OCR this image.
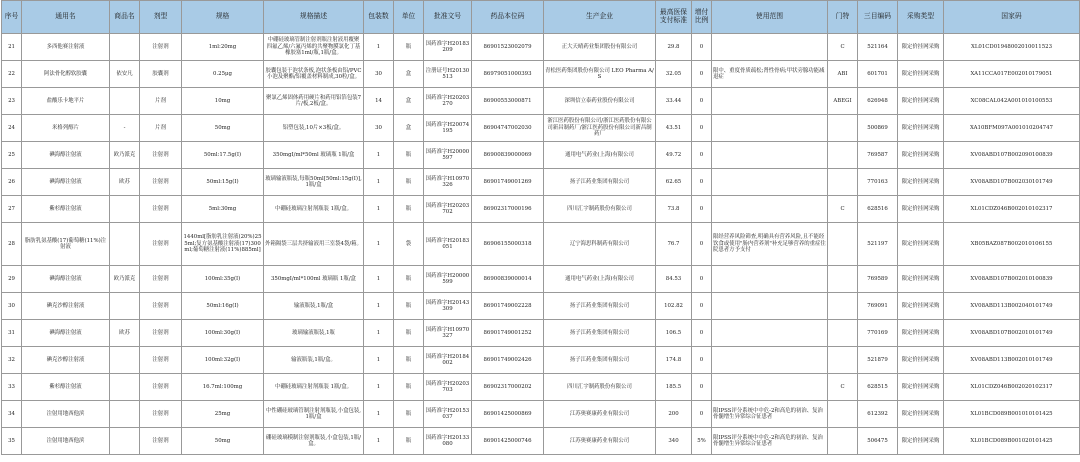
序号	通用名	商品名	剂型	规格	规格描述	包装数	单位	批准文号	药品本位码	生产企业	最高医保支付标准	增付比例	使用范围	门特	三目编码	采购类型	国家码
21	多西他赛注射液		注射剂	1ml:20mg	中硼硅玻璃管制注射剂瓶注射液用覆聚四氟乙烯/六氟丙烯的共聚物膜氯化丁基橡胶塞1ml/瓶,1瓶/盒。	1	瓶	国药准字H20183209	86901523002079	正大天晴药业集团股份有限公司	29.8	0		C	521164	限定价挂网采购	XL01CD01948002010011523
22	阿法骨化醇软胶囊	依安凡	胶囊剂	0.25μg	胶囊包装于泡状条板,泡状条板由铝/PVC小泡及聚酯/铝覆盖材料制成,30粒/盒。	30	盒	注册证号H20130513	86979051000393	青松医药集团股份有限公司 LEO Pharma A/S	32.05	0	限中、重度骨质疏松;肾性骨病;甲状旁腺功能减退症	ABI	601701	限定价挂网采购	XA11CCA017E002010179051
23	盐酸乐卡地平片		片剂	10mg	聚氯乙烯固体药用硬片和药用铝箔包装7片/板,2板/盒。	14	盒	国药准字H20203270	86900553000871	深圳信立泰药业股份有限公司	33.44	0		ABEGI	626948	限定价挂网采购	XC08CAL042A001010100553
24	米格列醇片	-	片剂	50mg	铝塑包装,10片×3板/盒。	30	盒	国药准字H20074195	86904747002030	浙江医药股份有限公司/浙江医药股份有限公司新昌制药厂/浙江医药股份有限公司新昌制药厂	43.51	0			500869	限定价挂网采购	XA10BFM097A001010204747
25	碘海醇注射液	欧乃派克	注射剂	50ml:17.5g(I)	350mgI/ml*50ml 玻璃瓶 1瓶/盒	1	瓶	国药准字H20000597	86900839000069	通用电气药业(上海)有限公司	49.72	0			769587	限定价挂网采购	XV08ABD107B002090100839
26	碘海醇注射液	欧苏	注射剂	50ml:15g(I)	玻璃输液瓶装,每瓶50ml[50ml:15g(I)],1瓶/盒	1	瓶	国药准字H10970326	86901749001269	扬子江药业集团有限公司	62.65	0			770163	限定价挂网采购	XV08ABD107B002030101749
27	紫杉醇注射液		注射剂	5ml:30mg	中硼硅玻璃注射剂瓶装 1瓶/盒。	1	瓶	国药准字H20203702	86902317000196	四川汇宇制药股份有限公司	73.8	0		C	628516	限定价挂网采购	XL01CDZ046B002010102317
28	脂肪乳氨基酸(17)葡萄糖(11%)注射液		注射剂	1440ml[脂肪乳注射液(20%)255ml;复方氨基酸注射液(17)300ml;葡萄糖注射液(11%)885ml]	外箱隔袋三层共挤输液用三室袋4袋/箱。	1	袋	国药准字H20183051	86906155000318	辽宁海思科制药有限公司	76.7	0	限经营养风险筛查,明确具有营养风险,且不能经饮食或使用"肠内营养剂"补充足够营养的重症住院患者方予支付		521197	限定价挂网采购	XB05BAZ087B002010106155
29	碘海醇注射液	欧乃派克	注射剂	100ml:35g(I)	350mgI/ml*100ml 玻璃瓶 1瓶/盒	1	瓶	国药准字H20000599	86900839000014	通用电气药业(上海)有限公司	84.53	0			769589	限定价挂网采购	XV08ABD107B002010100839
30	碘克沙醇注射液		注射剂	50ml:16g(I)	输液瓶装,1瓶/盒	1	瓶	国药准字H20143309	86901749002228	扬子江药业集团有限公司	102.82	0			769091	限定价挂网采购	XV08ABD113B002040101749
31	碘海醇注射液	欧苏	注射剂	100ml:30g(I)	玻璃输液瓶装,1瓶	1	瓶	国药准字H10970327	86901749001252	扬子江药业集团有限公司	106.5	0			770169	限定价挂网采购	XV08ABD107B002010101749
32	碘克沙醇注射液		注射剂	100ml:32g(I)	输液瓶装,1瓶/盒。	1	瓶	国药准字H20184002	86901749002426	扬子江药业集团有限公司	174.8	0			521879	限定价挂网采购	XV08ABD113B002010101749
33	紫杉醇注射液		注射剂	16.7ml:100mg	中硼硅玻璃注射剂瓶装 1瓶/盒。	1	瓶	国药准字H20203703	86902317000202	四川汇宇制药股份有限公司	185.5	0		C	628515	限定价挂网采购	XL01CDZ046B002020102317
34	注射用地西他滨		注射剂	25mg	中性硼硅玻璃管制注射剂瓶装,小盒包装,1瓶/盒	1	瓶	国药准字H20153037	86901425000869	江苏奥赛康药业有限公司	200	0	限IPSS评分系统中中危-2和高危的初治、复治骨髓增生异常综合征患者		612392	限定价挂网采购	XL01BCD089B001010101425
35	注射用地西他滨		注射剂	50mg	硼硅玻璃模制注射剂瓶装,小盒包装,1瓶/盒。	1	瓶	国药准字H20133080	86901425000746	江苏奥赛康药业有限公司	340	5%	限IPSS评分系统中中危-2和高危的初治、复治骨髓增生异常综合征患者		506475	限定价挂网采购	XL01BCD089B001020101425
